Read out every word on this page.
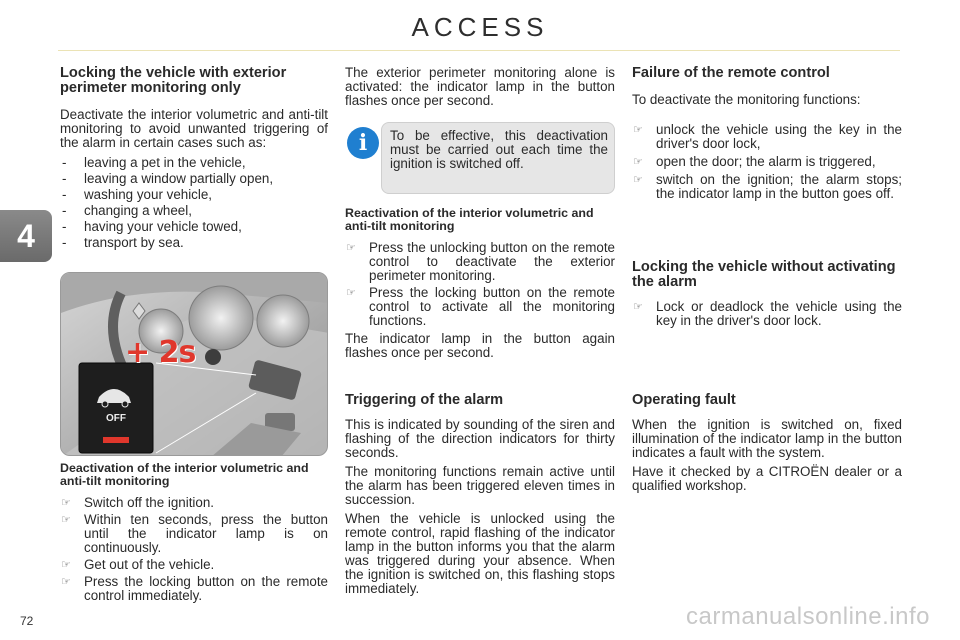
ACCESS
4
Locking the vehicle with exterior perimeter monitoring only

Deactivate the interior volumetric and anti-tilt monitoring to avoid unwanted triggering of the alarm in certain cases such as:

- leaving a pet in the vehicle,
- leaving a window partially open,
- washing your vehicle,
- changing a wheel,
- having your vehicle towed,
- transport by sea.
+ 2s
OFF
Deactivation of the interior volumetric and anti-tilt monitoring
☞ Switch off the ignition.
☞ Within ten seconds, press the button until the indicator lamp is on continuously.
☞ Get out of the vehicle.
☞ Press the locking button on the remote control immediately.

The exterior perimeter monitoring alone is activated: the indicator lamp in the button flashes once per second.

i	To be effective, this deactivation must be carried out each time the ignition is switched off.
Reactivation of the interior volumetric and anti-tilt monitoring
☞ Press the unlocking button on the remote control to deactivate the exterior perimeter monitoring.
☞ Press the locking button on the remote control to activate all the monitoring functions.

The indicator lamp in the button again flashes once per second.

Triggering of the alarm

This is indicated by sounding of the siren and flashing of the direction indicators for thirty seconds.

The monitoring functions remain active until the alarm has been triggered eleven times in succession.

When the vehicle is unlocked using the remote control, rapid flashing of the indicator lamp in the button informs you that the alarm was triggered during your absence. When the ignition is switched on, this flashing stops immediately.

Failure of the remote control

To deactivate the monitoring functions:

☞ unlock the vehicle using the key in the driver's door lock,
☞ open the door; the alarm is triggered,
☞ switch on the ignition; the alarm stops; the indicator lamp in the button goes off.
Locking the vehicle without activating the alarm
☞ Lock or deadlock the vehicle using the key in the driver's door lock.
Operating fault

When the ignition is switched on, fixed illumination of the indicator lamp in the button indicates a fault with the system.

Have it checked by a CITROËN dealer or a qualified workshop.

72	carmanualsonline.info
